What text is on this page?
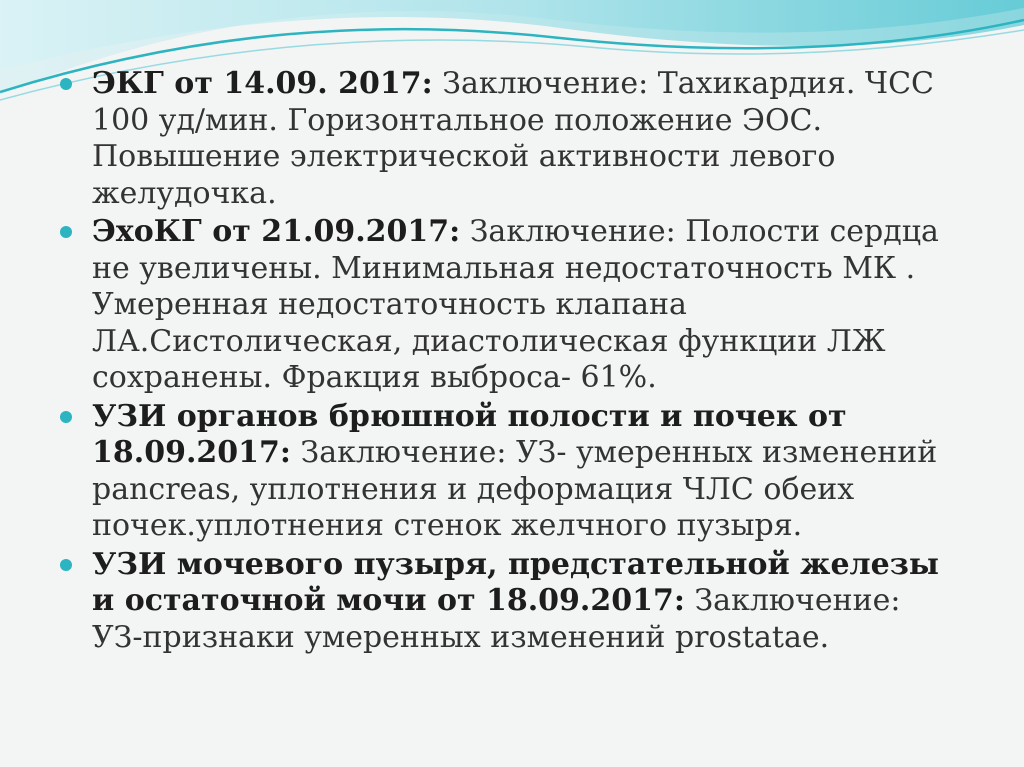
ЭКГ от 14.09. 2017: Заключение: Тахикардия. ЧСС 100 уд/мин. Горизонтальное положение ЭОС. Повышение электрической активности левого желудочка.
ЭхоКГ от 21.09.2017: Заключение: Полости сердца не увеличены. Минимальная недостаточность МК . Умеренная недостаточность клапана ЛА.Систолическая, диастолическая функции ЛЖ сохранены. Фракция выброса- 61%.
УЗИ органов брюшной полости и почек от 18.09.2017: Заключение: УЗ- умеренных изменений pancreas, уплотнения и деформация ЧЛС обеих почек.уплотнения стенок желчного пузыря.
УЗИ мочевого пузыря, предстательной железы и остаточной мочи от 18.09.2017: Заключение: УЗ-признаки умеренных изменений prostatae.
